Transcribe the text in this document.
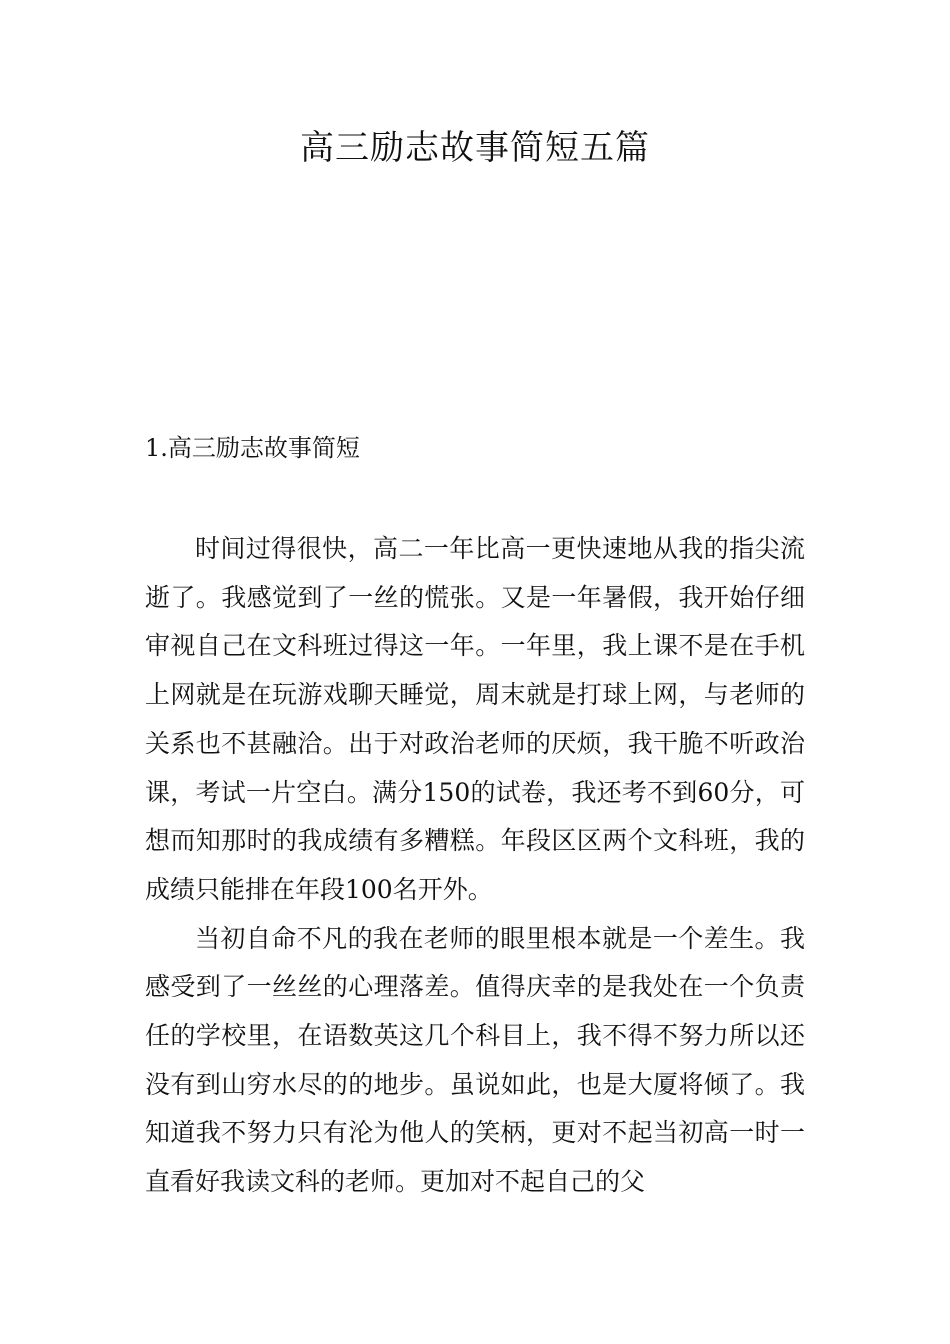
高三励志故事简短五篇
1.高三励志故事简短

时间过得很快，高二一年比高一更快速地从我的指尖流逝了。我感觉到了一丝的慌张。又是一年暑假，我开始仔细审视自己在文科班过得这一年。一年里，我上课不是在手机上网就是在玩游戏聊天睡觉，周末就是打球上网，与老师的关系也不甚融洽。出于对政治老师的厌烦，我干脆不听政治课，考试一片空白。满分150的试卷，我还考不到60分，可想而知那时的我成绩有多糟糕。年段区区两个文科班，我的成绩只能排在年段100名开外。

当初自命不凡的我在老师的眼里根本就是一个差生。我感受到了一丝丝的心理落差。值得庆幸的是我处在一个负责任的学校里，在语数英这几个科目上，我不得不努力所以还没有到山穷水尽的的地步。虽说如此，也是大厦将倾了。我知道我不努力只有沦为他人的笑柄，更对不起当初高一时一直看好我读文科的老师。更加对不起自己的父
